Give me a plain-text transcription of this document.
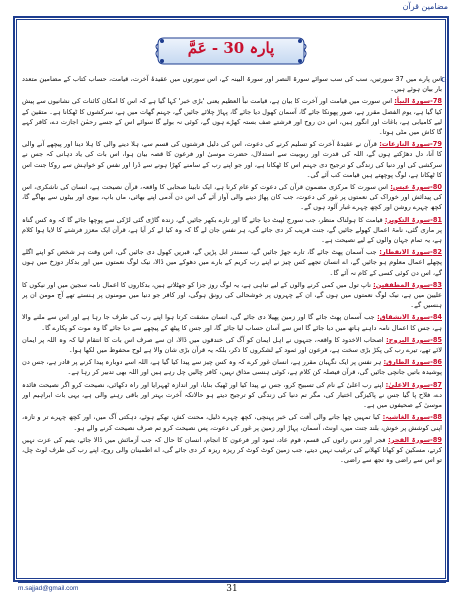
مضامین قرآن
پارہ 30 - عَمَّ
☪

اس پارے میں 37 سورتیں، سب کی سب سوائے سورۃ النصر اور سورۃ البینہ کے، اس سورتوں میں عقیدۂ آخرت، قیامت، حساب کتاب کے مضامین متعدد بار بیان ہوئے ہیں۔

78-سورۃ النبأ: اس سورت میں قیامت اور آخرت کا بیان ہے، قیامت نبأ العظیم یعنی 'بڑی خبر' کہا گیا ہے کہ اس کا امکان کائنات کی نشانیوں سے پیش کیا گیا ہے، یوم الفصل مقرر ہے، صور پھونکا جائے گا، آسمان کھول دیا جائے گا، پہاڑ چلائے جائیں گے، جہنم گھات میں ہے، سرکشوں کا ٹھکانا ہے۔ متقین کے لیے کامیابی ہے، باغات اور انگور ہیں، اس دن روح اور فرشتے صف بستہ کھڑے ہوں گے، کوئی نہ بولے گا سوائے اس کے جسے رحمٰن اجازت دے، کافر کہے گا کاش میں مٹی ہوتا۔

79-سورۃ النازعات: قرآن نے عقیدۂ آخرت کو تسلیم کرنے کی دعوت، اس کی دلیل فرشتوں کی قسم سے، ہلا دینے والی کا ہلا دینا اور پیچھے آنے والی کا آنا، دل دھڑکتے ہوں گے، اللہ کی قدرت اور ربوبیت سے استدلال، حضرت موسیٰ اور فرعون کا قصہ بیان ہوا، اس بات کی یاد دہانی کہ جس نے سرکشی کی اور دنیا کی زندگی کو ترجیح دی جہنم اس کا ٹھکانا ہے، اور جو اپنے رب کے سامنے کھڑا ہونے سے ڈرا اور نفس کو خواہش سے روکا جنت اس کا ٹھکانا ہے، لوگ پوچھتے ہیں قیامت کب آئے گی۔

80-سورۃ عبس: اس سورت کا مرکزی مضمون قرآن کی دعوت کو عام کرنا ہے، ایک نابینا صحابی کا واقعہ، قرآن نصیحت ہے، انسان کی ناشکری، اس کی پیدائش اور خوراک کی نعمتوں پر غور کی دعوت، جب کان پھاڑ دینے والی آواز آئے گی اس دن آدمی اپنے بھائی، ماں باپ، بیوی اور بیٹوں سے بھاگے گا، کچھ چہرے روشن اور کچھ چہرے غبار آلود ہوں گے۔

81-سورۃ التکویر: قیامت کا ہولناک منظر، جب سورج لپیٹ دیا جائے گا اور تارے بکھر جائیں گے، زندہ گاڑی گئی لڑکی سے پوچھا جائے گا کہ وہ کس گناہ پر ماری گئی، نامۂ اعمال کھولے جائیں گے، جنت قریب کر دی جائے گی، ہر نفس جان لے گا کہ وہ کیا لے کر آیا ہے، قرآن ایک معزز فرشتے کا لایا ہوا کلام ہے، یہ تمام جہان والوں کے لیے نصیحت ہے۔

82-سورۃ الانفطار: جب آسمان پھٹ جائے گا، تارے جھڑ جائیں گے، سمندر ابل پڑیں گے، قبریں کھول دی جائیں گی، اس وقت ہر شخص کو اپنے اگلے پچھلے اعمال معلوم ہو جائیں گے، اے انسان تجھے کس چیز نے اپنے رب کریم کے بارے میں دھوکے میں ڈالا، نیک لوگ نعمتوں میں اور بدکار دوزخ میں ہوں گے، اس دن کوئی کسی کے کام نہ آئے گا۔

83-سورۃ المطففین: ناپ تول میں کمی کرنے والوں کے لیے تباہی ہے، یہ لوگ روز جزا کو جھٹلاتے ہیں، بدکاروں کا اعمال نامہ سجین میں اور نیکوں کا علیین میں ہے، نیک لوگ نعمتوں میں ہوں گے، ان کے چہروں پر خوشحالی کی رونق ہوگی، اور کافر جو دنیا میں مومنوں پر ہنستے تھے آج مومن ان پر ہنسیں گے۔

84-سورۃ الانشقاق: جب آسمان پھٹ جائے گا اور زمین پھیلا دی جائے گی، انسان مشقت کرتا ہوا اپنے رب کی طرف جا رہا ہے اور اس سے ملنے والا ہے، جس کا اعمال نامہ داہنے ہاتھ میں دیا جائے گا اس سے آسان حساب لیا جائے گا، اور جس کا پیٹھ کے پیچھے سے دیا جائے گا وہ موت کو پکارے گا۔

85-سورۃ البروج: اصحاب الاخدود کا واقعہ، جنہوں نے اہل ایمان کو آگ کی خندقوں میں ڈالا، ان سے صرف اس بات کا انتقام لیا کہ وہ اللہ پر ایمان لائے تھے، تیرے رب کی پکڑ بڑی سخت ہے، فرعون اور ثمود کے لشکروں کا ذکر، بلکہ یہ قرآن بڑی شان والا ہے لوح محفوظ میں لکھا ہوا۔

86-سورۃ الطارق: ہر نفس پر ایک نگہبان مقرر ہے، انسان غور کرے کہ وہ کس چیز سے پیدا کیا گیا ہے، اللہ اسے دوبارہ پیدا کرنے پر قادر ہے، جس دن پوشیدہ باتیں جانچی جائیں گی، قرآن فیصلہ کن کلام ہے، کوئی ہنسی مذاق نہیں، کافر چالیں چل رہے ہیں اور اللہ بھی تدبیر کر رہا ہے۔

87-سورۃ الاعلیٰ: اپنے رب اعلیٰ کے نام کی تسبیح کرو، جس نے پیدا کیا اور ٹھیک بنایا، اور اندازہ ٹھہرایا اور راہ دکھائی، نصیحت کرو اگر نصیحت فائدہ دے، فلاح پا گیا جس نے پاکیزگی اختیار کی، مگر تم دنیا کی زندگی کو ترجیح دیتے ہو حالانکہ آخرت بہتر اور باقی رہنے والی ہے، یہی بات ابراہیم اور موسیٰ کے صحیفوں میں ہے۔

88-سورۃ الغاشیہ: کیا تمہیں چھا جانے والی آفت کی خبر پہنچی، کچھ چہرے ذلیل، محنت کش، تھکے ہوئے، دہکتی آگ میں، اور کچھ چہرے تر و تازہ، اپنی کوشش پر خوش، بلند جنت میں، اونٹ، آسمان، پہاڑ اور زمین پر غور کی دعوت، پس نصیحت کرو تم صرف نصیحت کرنے والے ہو۔

89-سورۃ الفجر: فجر اور دس راتوں کی قسم، قوم عاد، ثمود اور فرعون کا انجام، انسان کا حال کہ جب آزمائش میں ڈالا جائے، یتیم کی عزت نہیں کرتے، مسکین کو کھانا کھلانے کی ترغیب نہیں دیتے، جب زمین کوٹ کوٹ کر ریزہ ریزہ کر دی جائے گی، اے اطمینان والی روح، اپنے رب کی طرف لوٹ چل، تو اس سے راضی وہ تجھ سے راضی۔

m.sajjad@gmail.com	31
